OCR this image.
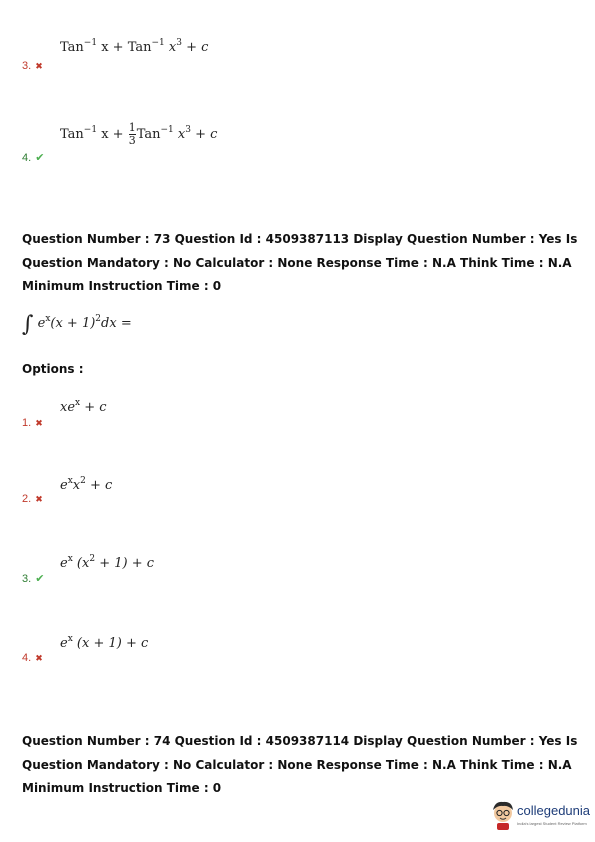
Tan$^{-1}$ x + Tan$^{-1}$ $x^3 + c$
3. ✖
Tan$^{-1}$ $x + \frac{1}{3} Tan^{-1}$ $x^3 + c$
4. ✔
Question Number : 73 Question Id : 4509387113 Display Question Number : Yes Is Question Mandatory : No Calculator : None Response Time : N.A Think Time : N.A Minimum Instruction Time : 0
∫ $e^x(x + 1)^2dx$ =
Options :
$xe^x + c$
1. ✖
$e^xx^2 + c$
2. ✖
$e^x$ $(x^2 + 1) + c$
3. ✔
$e^x$ (x + 1) + c
4. ✖
Question Number : 74 Question Id : 4509387114 Display Question Number : Yes Is Question Mandatory : No Calculator : None Response Time : N.A Think Time : N.A Minimum Instruction Time : 0
collegedunia
India's largest Student Review Platform
